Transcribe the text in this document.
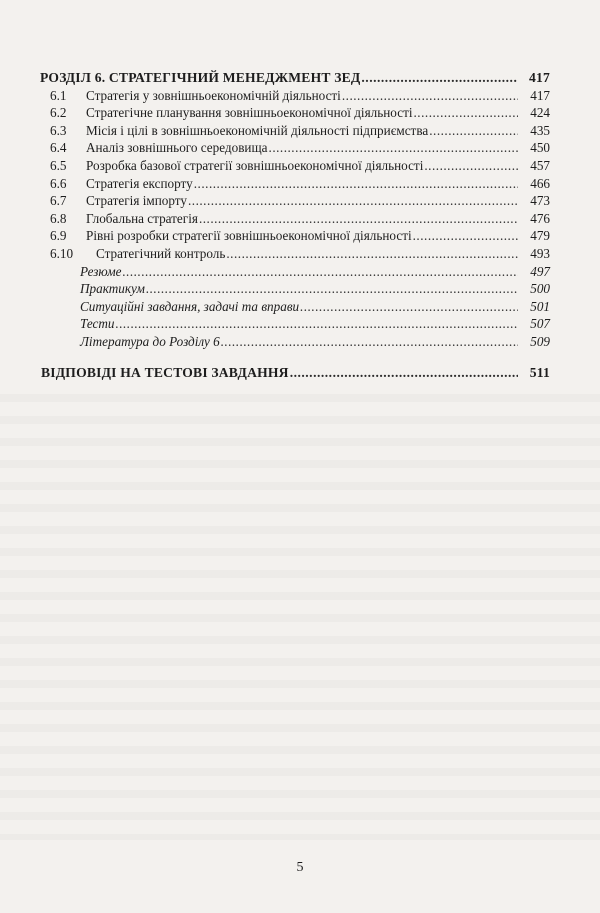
РОЗДІЛ 6. СТРАТЕГІЧНИЙ МЕНЕДЖМЕНТ ЗЕД .....	417
6.1	Стратегія у зовнішньоекономічній діяльності .....	417
6.2	Стратегічне планування зовнішньоекономічної діяльності .....	424
6.3	Місія і цілі в зовнішньоекономічній діяльності підприємства .....	435
6.4	Аналіз зовнішнього середовища .....	450
6.5	Розробка базової стратегії зовнішньоекономічної діяльності .....	457
6.6	Стратегія експорту .....	466
6.7	Стратегія імпорту .....	473
6.8	Глобальна стратегія .....	476
6.9	Рівні розробки стратегії зовнішньоекономічної діяльності .....	479
6.10	Стратегічний контроль .....	493
Резюме .....	497
Практикум .....	500
Ситуаційні завдання, задачі та вправи .....	501
Тести .....	507
Література до Розділу 6 .....	509
ВІДПОВІДІ НА ТЕСТОВІ ЗАВДАННЯ .....	511
5
